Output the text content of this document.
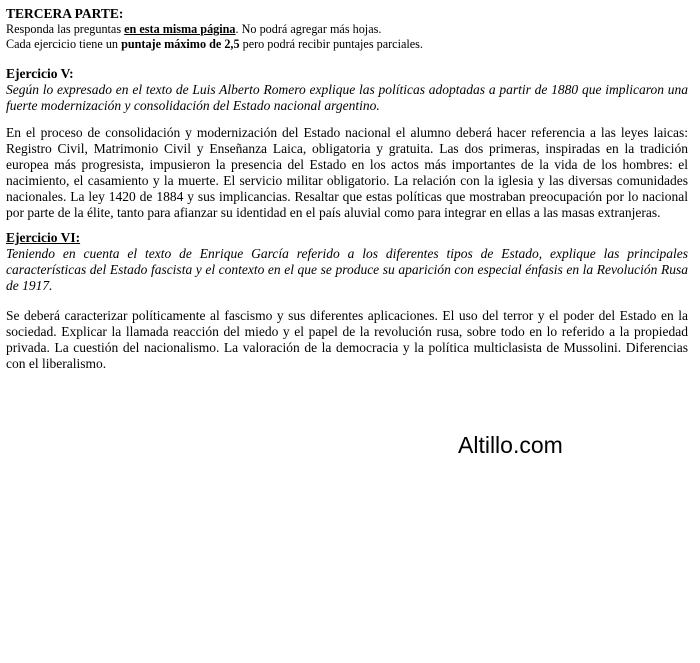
TERCERA PARTE:

Responda las preguntas en esta misma página. No podrá agregar más hojas.

Cada ejercicio tiene un puntaje máximo de 2,5 pero podrá recibir puntajes parciales.

Ejercicio V:

Según lo expresado en el texto de Luis Alberto Romero explique las políticas adoptadas a partir de 1880 que implicaron una fuerte modernización y consolidación del Estado nacional argentino.

En el proceso de consolidación y modernización del Estado nacional el alumno deberá hacer referencia a las leyes laicas: Registro Civil, Matrimonio Civil y Enseñanza Laica, obligatoria y gratuita. Las dos primeras, inspiradas en la tradición europea más progresista, impusieron la presencia del Estado en los actos más importantes de la vida de los hombres: el nacimiento, el casamiento y la muerte. El servicio militar obligatorio. La relación con la iglesia y las diversas comunidades nacionales. La ley 1420 de 1884 y sus implicancias. Resaltar que estas políticas que mostraban preocupación por lo nacional por parte de la élite, tanto para afianzar su identidad en el país aluvial como para integrar en ellas a las masas extranjeras.

Ejercicio VI:

Teniendo en cuenta el texto de Enrique García referido a los diferentes tipos de Estado, explique las principales características del Estado fascista y el contexto en el que se produce su aparición con especial énfasis en la Revolución Rusa de 1917.

Se deberá caracterizar políticamente al fascismo y sus diferentes aplicaciones. El uso del terror y el poder del Estado en la sociedad. Explicar la llamada reacción del miedo y el papel de la revolución rusa, sobre todo en lo referido a la propiedad privada. La cuestión del nacionalismo. La valoración de la democracia y la política multiclasista de Mussolini. Diferencias con el liberalismo.

Altillo.com
